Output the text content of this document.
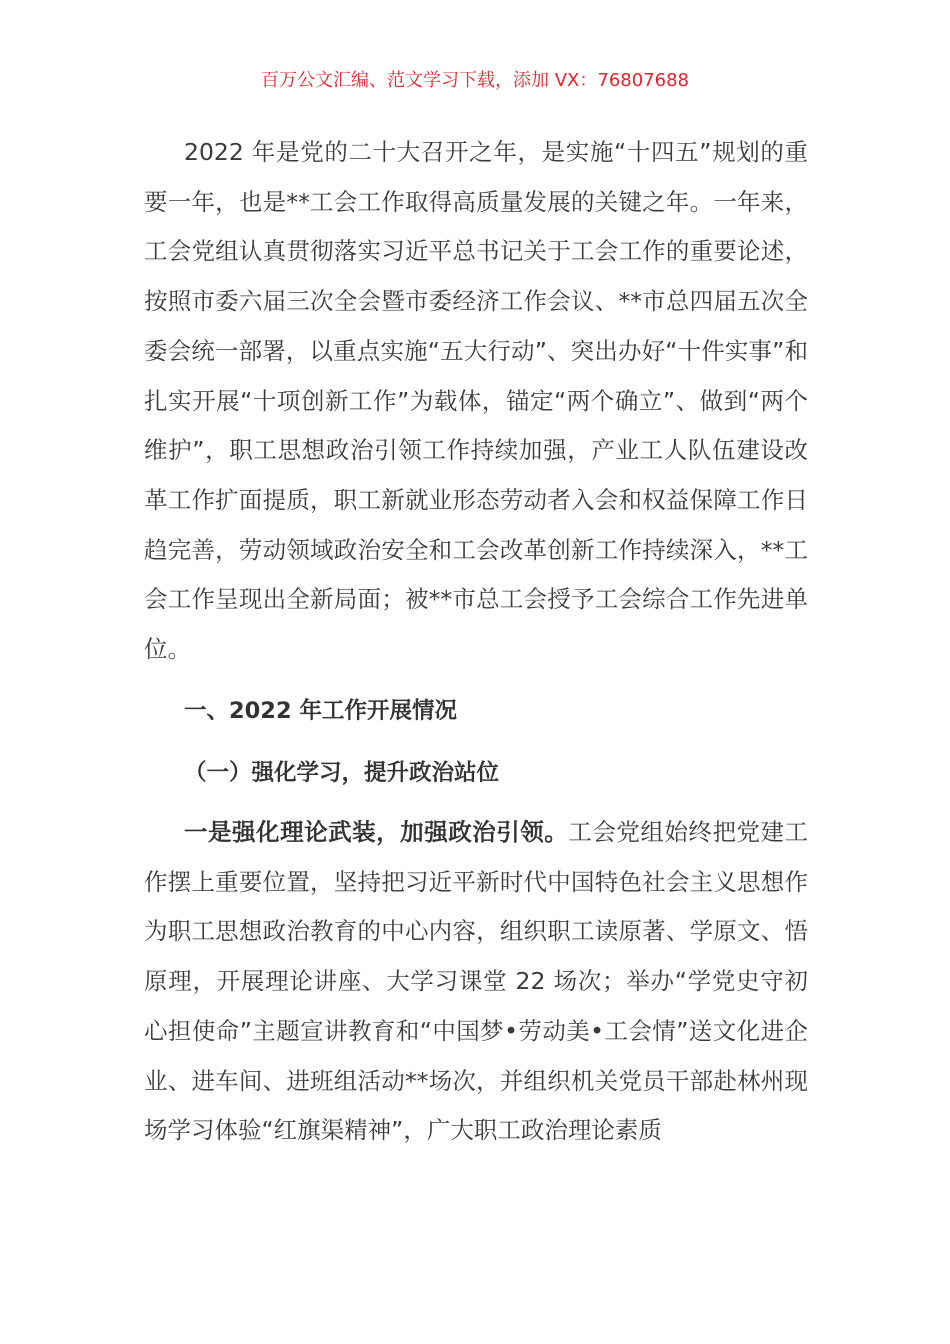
百万公文汇编、范文学习下载，添加 VX：76807688

2022 年是党的二十大召开之年，是实施“十四五”规划的重要一年，也是**工会工作取得高质量发展的关键之年。一年来，工会党组认真贯彻落实习近平总书记关于工会工作的重要论述，按照市委六届三次全会暨市委经济工作会议、**市总四届五次全委会统一部署，以重点实施“五大行动”、突出办好“十件实事”和扎实开展“十项创新工作”为载体，锚定“两个确立”、做到“两个维护”，职工思想政治引领工作持续加强，产业工人队伍建设改革工作扩面提质，职工新就业形态劳动者入会和权益保障工作日趋完善，劳动领域政治安全和工会改革创新工作持续深入，**工会工作呈现出全新局面；被**市总工会授予工会综合工作先进单位。

一、2022 年工作开展情况
（一）强化学习，提升政治站位

一是强化理论武装，加强政治引领。工会党组始终把党建工作摆上重要位置，坚持把习近平新时代中国特色社会主义思想作为职工思想政治教育的中心内容，组织职工读原著、学原文、悟原理，开展理论讲座、大学习课堂 22 场次；举办“学党史守初心担使命”主题宣讲教育和“中国梦•劳动美•工会情”送文化进企业、进车间、进班组活动**场次，并组织机关党员干部赴林州现场学习体验“红旗渠精神”，广大职工政治理论素质
